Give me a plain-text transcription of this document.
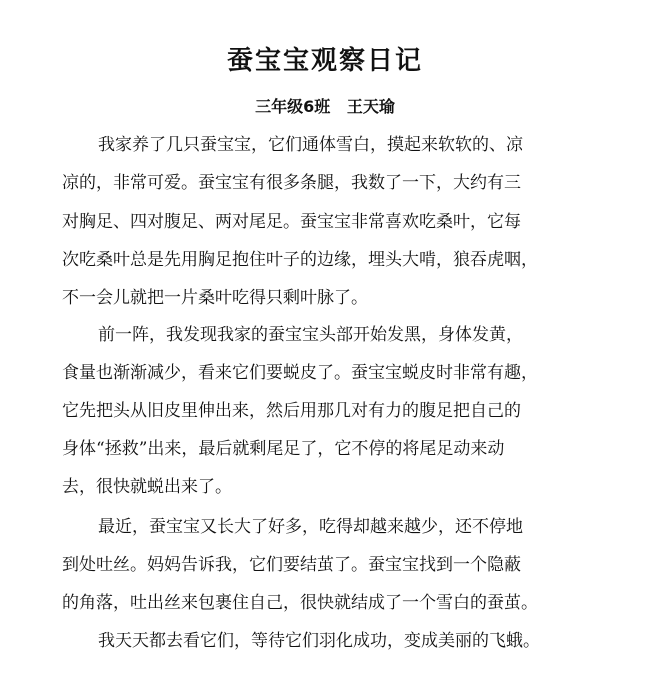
蚕宝宝观察日记
三年级6班   王天瑜
我家养了几只蚕宝宝，它们通体雪白，摸起来软软的、凉
凉的，非常可爱。蚕宝宝有很多条腿，我数了一下，大约有三
对胸足、四对腹足、两对尾足。蚕宝宝非常喜欢吃桑叶，它每
次吃桑叶总是先用胸足抱住叶子的边缘，埋头大啃，狼吞虎咽，
不一会儿就把一片桑叶吃得只剩叶脉了。
前一阵，我发现我家的蚕宝宝头部开始发黑，身体发黄，
食量也渐渐减少，看来它们要蜕皮了。蚕宝宝蜕皮时非常有趣，
它先把头从旧皮里伸出来，然后用那几对有力的腹足把自己的
身体“拯救”出来，最后就剩尾足了，它不停的将尾足动来动
去，很快就蜕出来了。
最近，蚕宝宝又长大了好多，吃得却越来越少，还不停地
到处吐丝。妈妈告诉我，它们要结茧了。蚕宝宝找到一个隐蔽
的角落，吐出丝来包裹住自己，很快就结成了一个雪白的蚕茧。
我天天都去看它们，等待它们羽化成功，变成美丽的飞蛾。
